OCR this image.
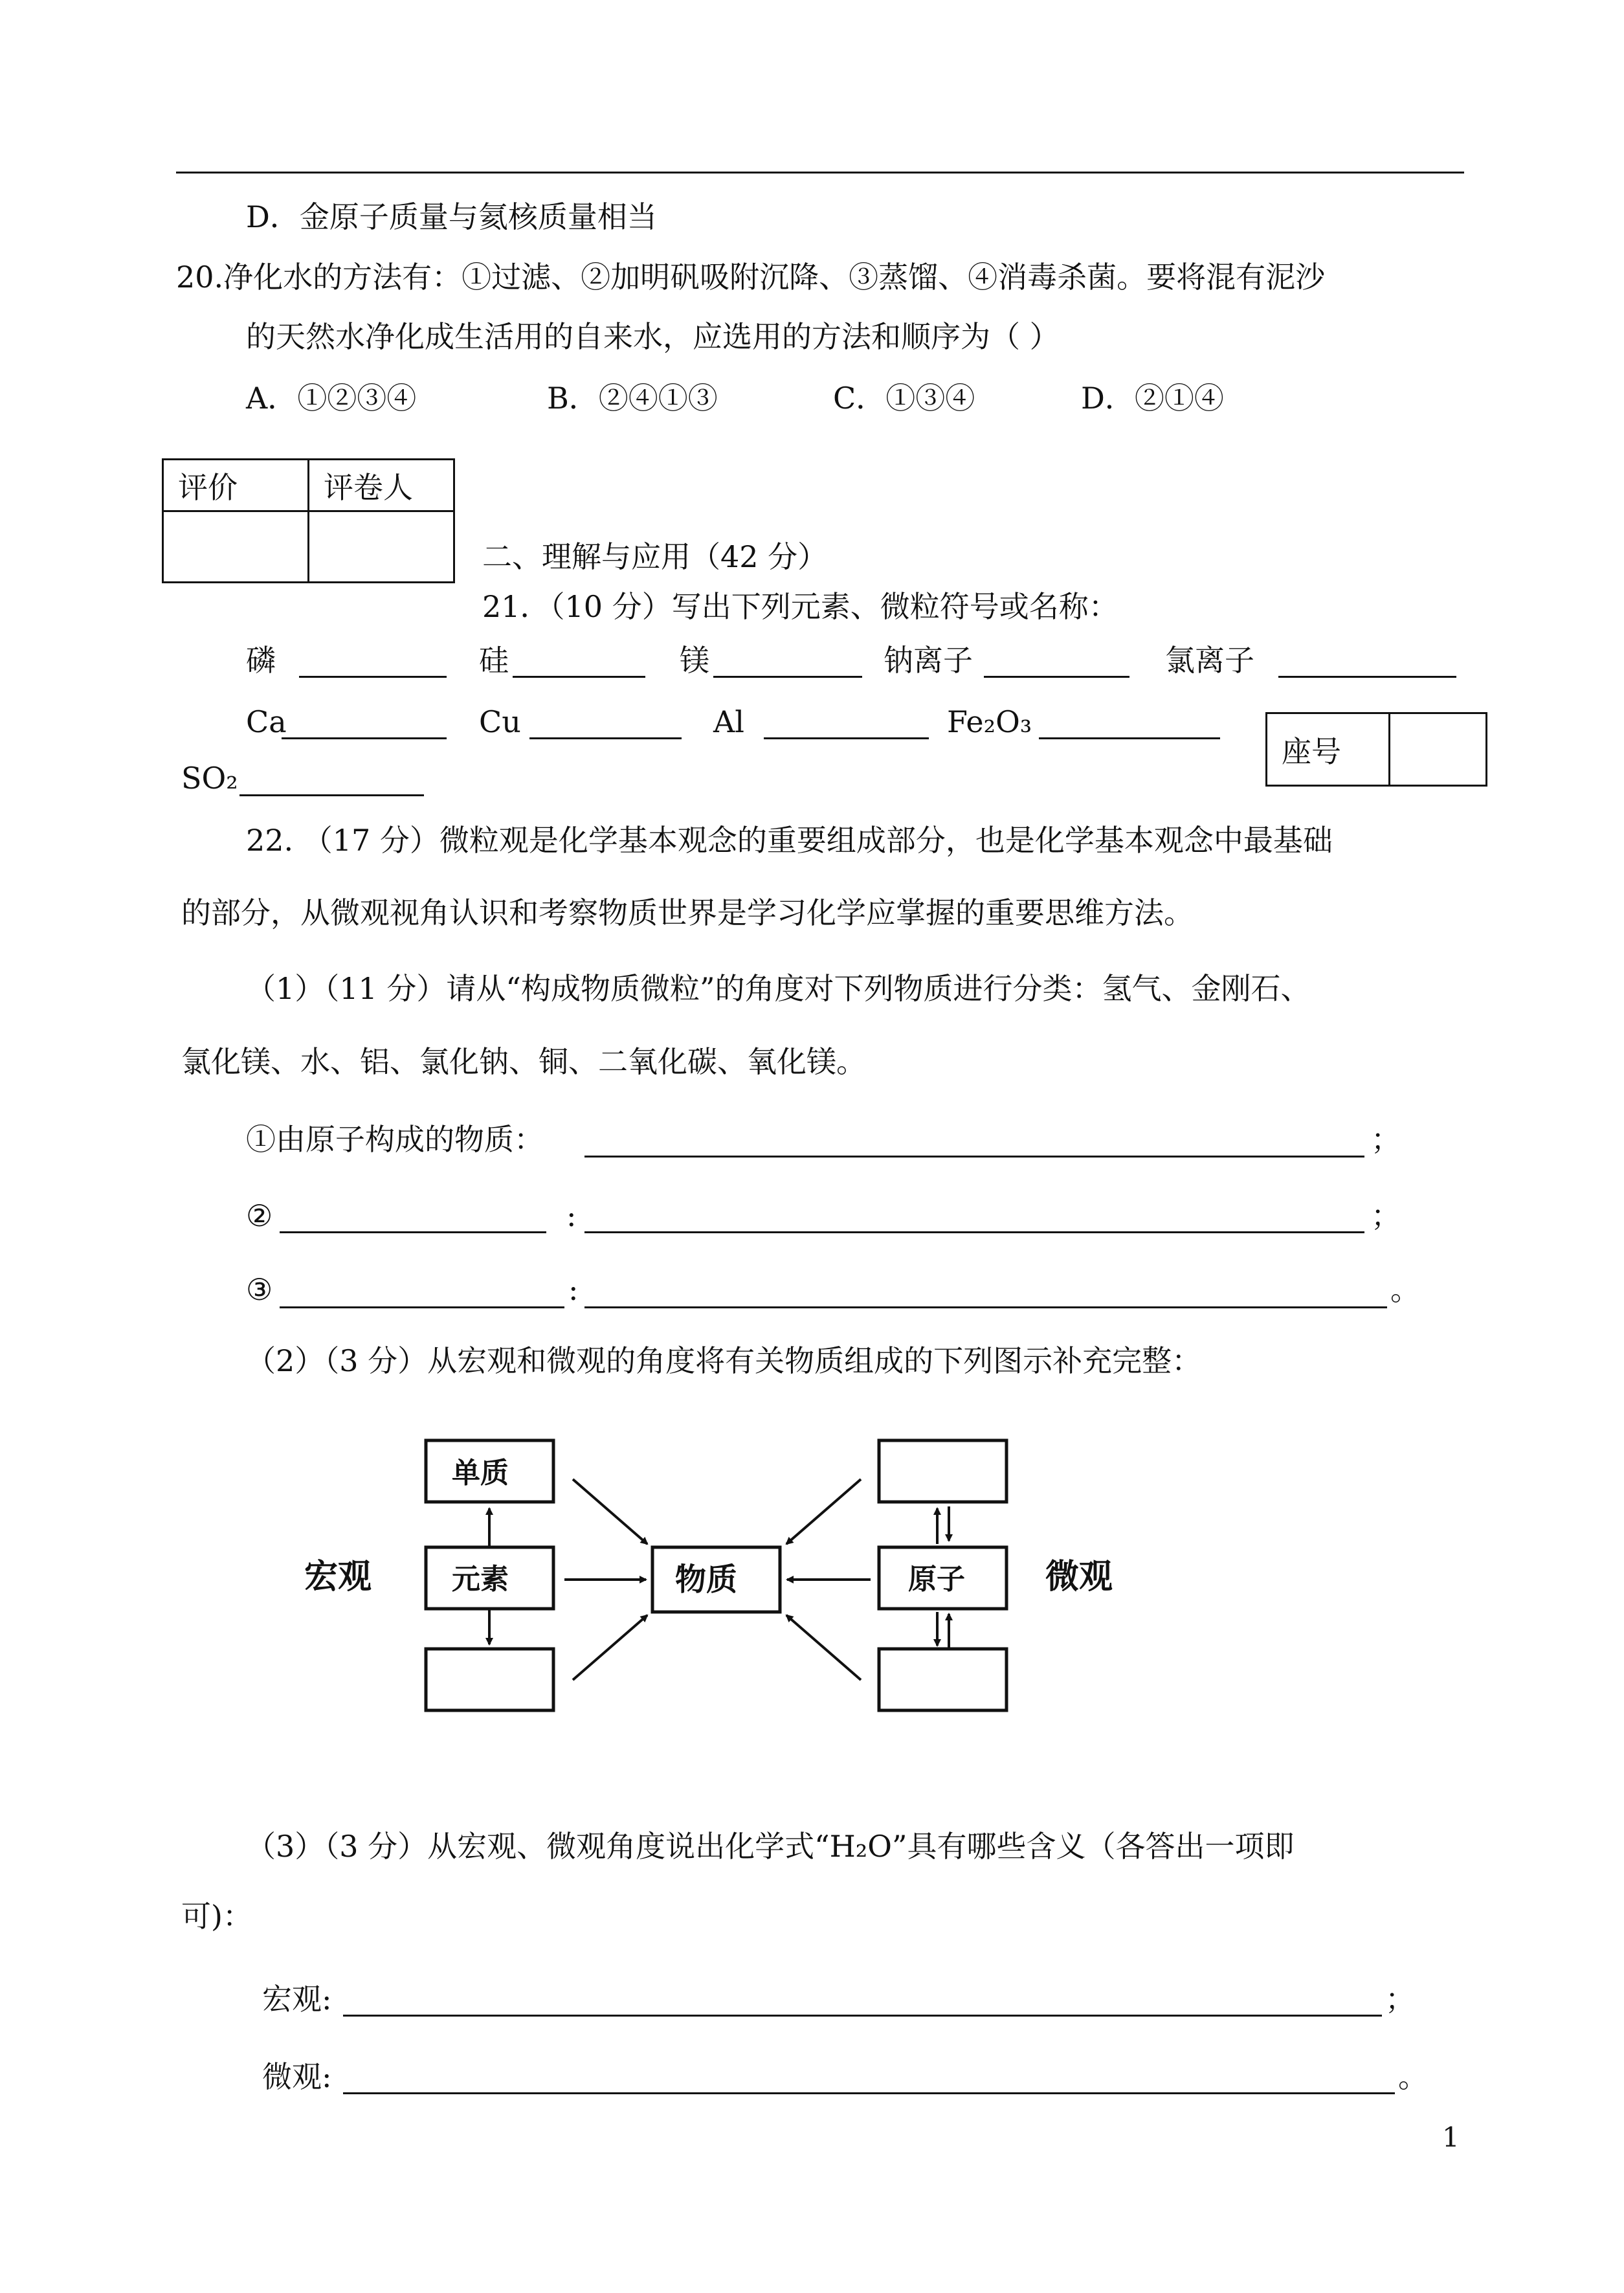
D．金原子质量与氦核质量相当
20.净化水的方法有：①过滤、②加明矾吸附沉降、③蒸馏、④消毒杀菌。要将混有泥沙
的天然水净化成生活用的自来水，应选用的方法和顺序为（ ）
A．①②③④	B．②④①③	C．①③④	D．②①④
评价	评卷人

二、理解与应用（42 分）
21．（10 分）写出下列元素、微粒符号或名称：
磷	硅	镁	钠离子	氯离子
Ca	Cu	Al	Fe₂O₃
SO₂
座号	
22. （17 分）微粒观是化学基本观念的重要组成部分，也是化学基本观念中最基础
的部分，从微观视角认识和考察物质世界是学习化学应掌握的重要思维方法。
（1）（11 分）请从“构成物质微粒”的角度对下列物质进行分类：氢气、金刚石、
氯化镁、水、铝、氯化钠、铜、二氧化碳、氧化镁。
①由原子构成的物质：	；
②	:	；
③	:	。
（2）（3 分）从宏观和微观的角度将有关物质组成的下列图示补充完整：
宏观	微观
单质
元素	物质	原子
（3）（3 分）从宏观、微观角度说出化学式“H₂O”具有哪些含义（各答出一项即
可)：
宏观:	；
微观:	。
1
